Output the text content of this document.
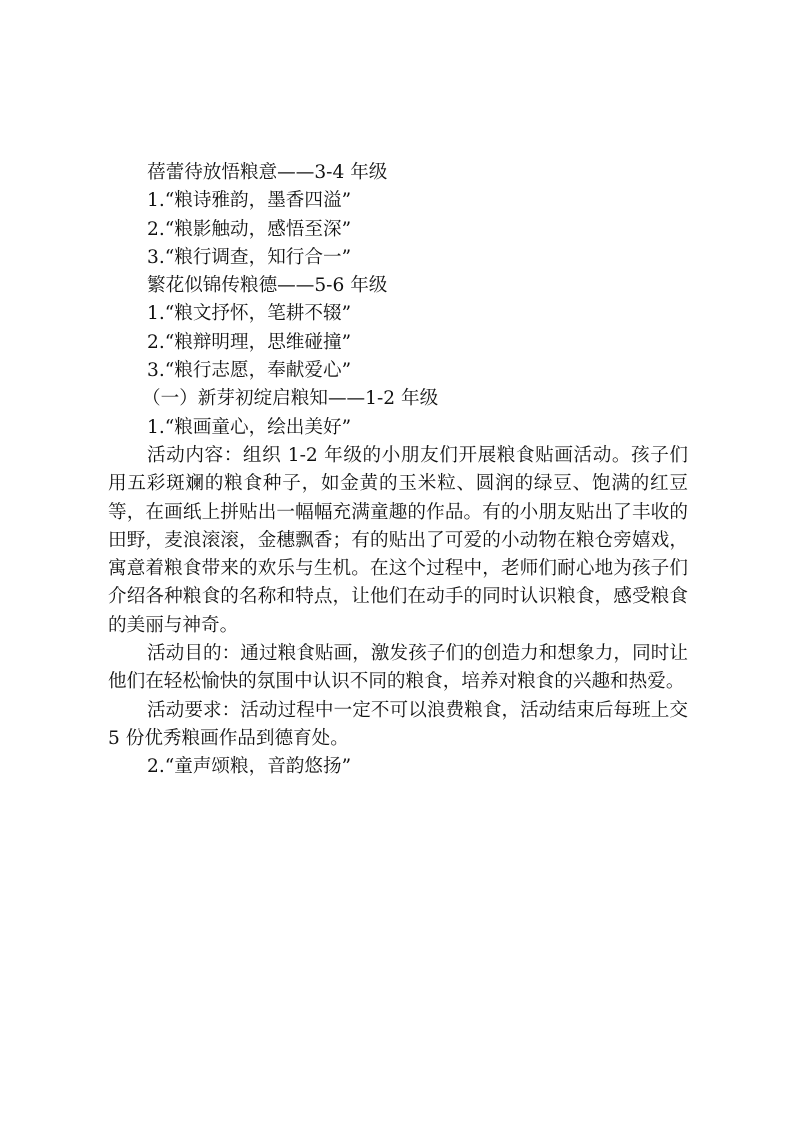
蓓蕾待放悟粮意——3-4 年级

1.“粮诗雅韵，墨香四溢”

2.“粮影触动，感悟至深”

3.“粮行调查，知行合一”

繁花似锦传粮德——5-6 年级

1.“粮文抒怀，笔耕不辍”

2.“粮辩明理，思维碰撞”

3.“粮行志愿，奉献爱心”

（一）新芽初绽启粮知——1-2 年级

1.“粮画童心，绘出美好”

活动内容：组织 1-2 年级的小朋友们开展粮食贴画活动。孩子们用五彩斑斓的粮食种子，如金黄的玉米粒、圆润的绿豆、饱满的红豆等，在画纸上拼贴出一幅幅充满童趣的作品。有的小朋友贴出了丰收的田野，麦浪滚滚，金穗飘香；有的贴出了可爱的小动物在粮仓旁嬉戏，寓意着粮食带来的欢乐与生机。在这个过程中，老师们耐心地为孩子们介绍各种粮食的名称和特点，让他们在动手的同时认识粮食，感受粮食的美丽与神奇。

活动目的：通过粮食贴画，激发孩子们的创造力和想象力，同时让他们在轻松愉快的氛围中认识不同的粮食，培养对粮食的兴趣和热爱。

活动要求：活动过程中一定不可以浪费粮食，活动结束后每班上交 5 份优秀粮画作品到德育处。

2.“童声颂粮，音韵悠扬”
